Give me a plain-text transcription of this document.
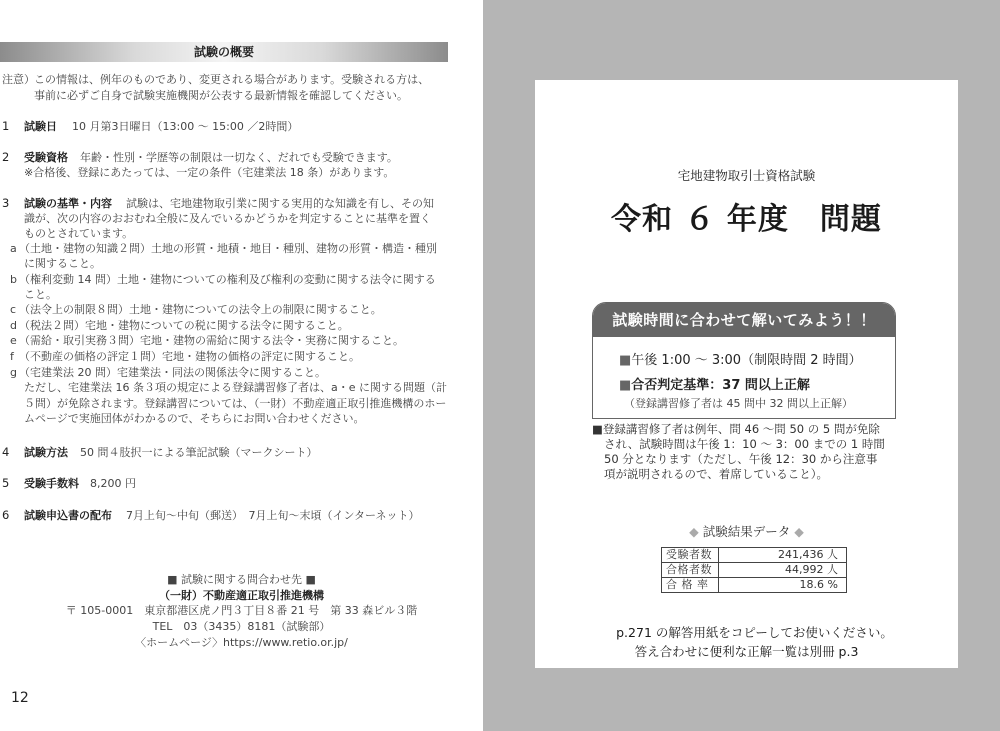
試験の概要
注意） この情報は、例年のものであり、変更される場合があります。受験される方は、
事前に必ずご自身で試験実施機関が公表する最新情報を確認してください。
1 試験日 10 月第3日曜日（13:00 〜 15:00 ／2時間）
2 受験資格 年齢・性別・学歴等の制限は一切なく、だれでも受験できます。
※合格後、登録にあたっては、一定の条件（宅建業法 18 条）があります。
3 試験の基準・内容 試験は、宅地建物取引業に関する実用的な知識を有し、その知
識が、次の内容のおおむね全般に及んでいるかどうかを判定することに基準を置く
ものとされています。
a （土地・建物の知識２問）土地の形質・地積・地目・種別、建物の形質・構造・種別
に関すること。
b （権利変動 14 問）土地・建物についての権利及び権利の変動に関する法令に関する
こと。
c （法令上の制限８問）土地・建物についての法令上の制限に関すること。
d （税法２問）宅地・建物についての税に関する法令に関すること。
e （需給・取引実務３問）宅地・建物の需給に関する法令・実務に関すること。
f （不動産の価格の評定１問）宅地・建物の価格の評定に関すること。
g （宅建業法 20 問）宅建業法・同法の関係法令に関すること。
ただし、宅建業法 16 条３項の規定による登録講習修了者は、a・e に関する問題（計
５問）が免除されます。登録講習については、（一財）不動産適正取引推進機構のホー
ムページで実施団体がわかるので、そちらにお問い合わせください。
4 試験方法 50 問４肢択一による筆記試験（マークシート）
5 受験手数料 8,200 円
6 試験申込書の配布 7月上旬〜中旬（郵送）　7月上旬〜末頃（インターネット）
■ 試験に関する問合わせ先 ■
（一財）不動産適正取引推進機構
〒 105-0001　東京都港区虎ノ門３丁目８番 21 号　第 33 森ビル３階
TEL　03（3435）8181（試験部）
〈ホームページ〉https://www.retio.or.jp/
12
宅地建物取引士資格試験
令和 ６ 年度　問題
試験時間に合わせて解いてみよう！！
■午後 1:00 〜 3:00（制限時間 2 時間）
■合否判定基準：37 問以上正解
（登録講習修了者は 45 問中 32 問以上正解）
■登録講習修了者は例年、問 46 〜問 50 の 5 問が免除
され、試験時間は午後 1：10 〜 3：00 までの 1 時間
50 分となります（ただし、午後 12：30 から注意事
項が説明されるので、着席していること）。
◆ 試験結果データ ◆
受験者数	241,436 人
合格者数	44,992 人
合 格 率	18.6 %
p.271 の解答用紙をコピーしてお使いください。
答え合わせに便利な正解一覧は別冊 p.3
